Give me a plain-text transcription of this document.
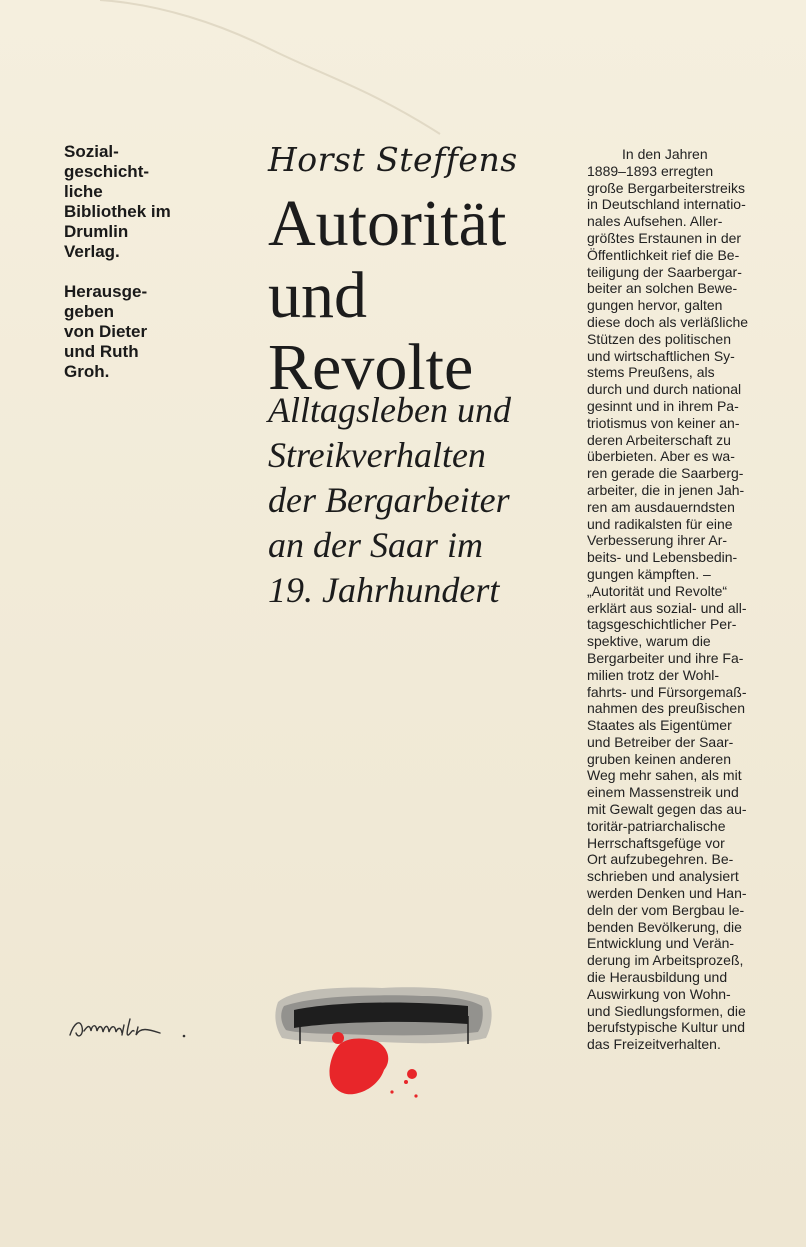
Sozial-
geschicht-
liche
Bibliothek im
Drumlin
Verlag.
Herausge-
geben
von Dieter
und Ruth
Groh.
Horst Steffens
Autorität
und
Revolte
Alltagsleben und
Streikverhalten
der Bergarbeiter
an der Saar im
19. Jahrhundert
In den Jahren
1889–1893 erregten
große Bergarbeiterstreiks
in Deutschland internatio-
nales Aufsehen. Aller-
größtes Erstaunen in der
Öffentlichkeit rief die Be-
teiligung der Saarbergar-
beiter an solchen Bewe-
gungen hervor, galten
diese doch als verläßliche
Stützen des politischen
und wirtschaftlichen Sy-
stems Preußens, als
durch und durch national
gesinnt und in ihrem Pa-
triotismus von keiner an-
deren Arbeiterschaft zu
überbieten. Aber es wa-
ren gerade die Saarberg-
arbeiter, die in jenen Jah-
ren am ausdauerndsten
und radikalsten für eine
Verbesserung ihrer Ar-
beits- und Lebensbedin-
gungen kämpften. –
„Autorität und Revolte“
erklärt aus sozial- und all-
tagsgeschichtlicher Per-
spektive, warum die
Bergarbeiter und ihre Fa-
milien trotz der Wohl-
fahrts- und Fürsorgemaß-
nahmen des preußischen
Staates als Eigentümer
und Betreiber der Saar-
gruben keinen anderen
Weg mehr sahen, als mit
einem Massenstreik und
mit Gewalt gegen das au-
toritär-patriarchalische
Herrschaftsgefüge vor
Ort aufzubegehren. Be-
schrieben und analysiert
werden Denken und Han-
deln der vom Bergbau le-
benden Bevölkerung, die
Entwicklung und Verän-
derung im Arbeitsprozeß,
die Herausbildung und
Auswirkung von Wohn-
und Siedlungsformen, die
berufstypische Kultur und
das Freizeitverhalten.
